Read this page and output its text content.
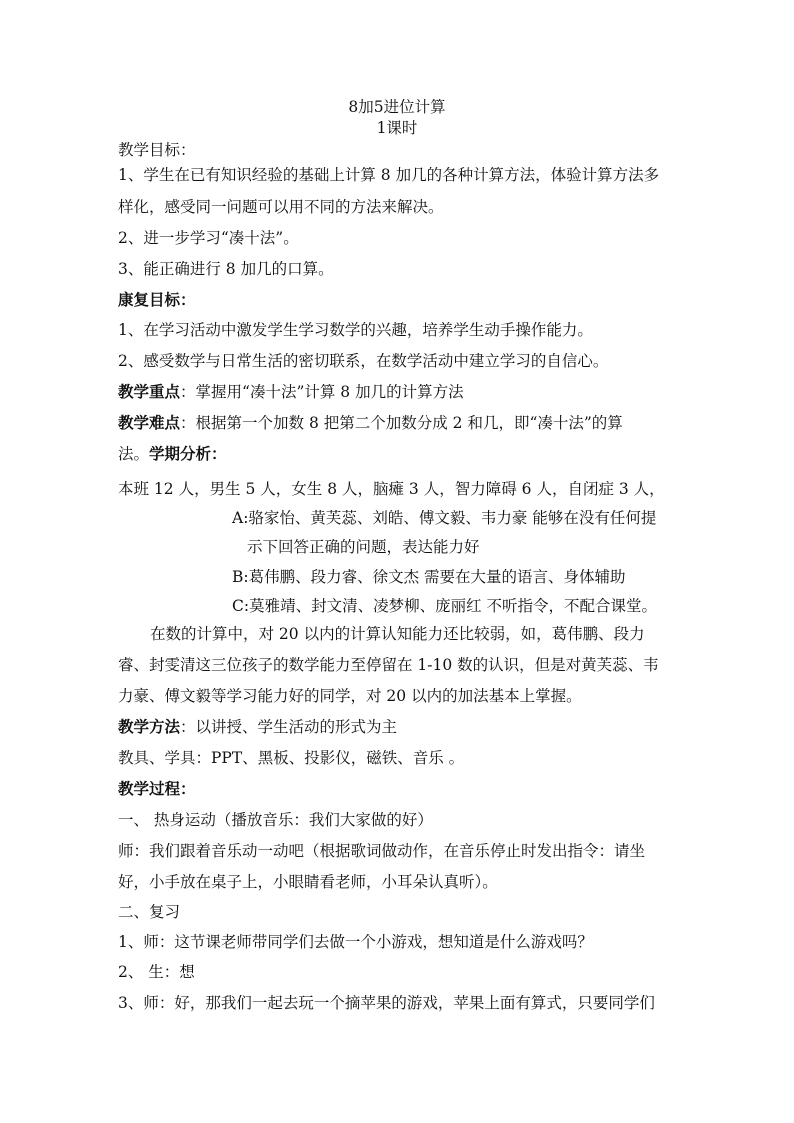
8加5进位计算
1课时
教学目标：
1、学生在已有知识经验的基础上计算 8 加几的各种计算方法，体验计算方法多
样化，感受同一问题可以用不同的方法来解决。
2、进一步学习“凑十法”。
3、能正确进行 8 加几的口算。
康复目标：
1、在学习活动中激发学生学习数学的兴趣，培养学生动手操作能力。
2、感受数学与日常生活的密切联系，在数学活动中建立学习的自信心。
教学重点：掌握用“凑十法”计算 8 加几的计算方法
教学难点：根据第一个加数 8 把第二个加数分成 2 和几，即“凑十法”的算
法。学期分析：
本班 12 人，男生 5 人，女生 8 人，脑瘫 3 人，智力障碍 6 人，自闭症 3 人，
A:骆家怡、黄芙蕊、刘皓、傅文毅、韦力豪 能够在没有任何提
示下回答正确的问题，表达能力好
B:葛伟鹏、段力睿、徐文杰 需要在大量的语言、身体辅助
C:莫雅靖、封文清、凌梦柳、庞丽红 不听指令，不配合课堂。
在数的计算中，对 20 以内的计算认知能力还比较弱，如，葛伟鹏、段力
睿、封雯清这三位孩子的数学能力至停留在 1-10 数的认识，但是对黄芙蕊、韦
力豪、傅文毅等学习能力好的同学，对 20 以内的加法基本上掌握。
教学方法：以讲授、学生活动的形式为主
教具、学具：PPT、黑板、投影仪，磁铁、音乐 。
教学过程：
一、 热身运动（播放音乐：我们大家做的好）
师：我们跟着音乐动一动吧（根据歌词做动作，在音乐停止时发出指令：请坐
好，小手放在桌子上，小眼睛看老师，小耳朵认真听）。
二、复习
1、师：这节课老师带同学们去做一个小游戏，想知道是什么游戏吗？
2、 生：想
3、师：好，那我们一起去玩一个摘苹果的游戏，苹果上面有算式，只要同学们
